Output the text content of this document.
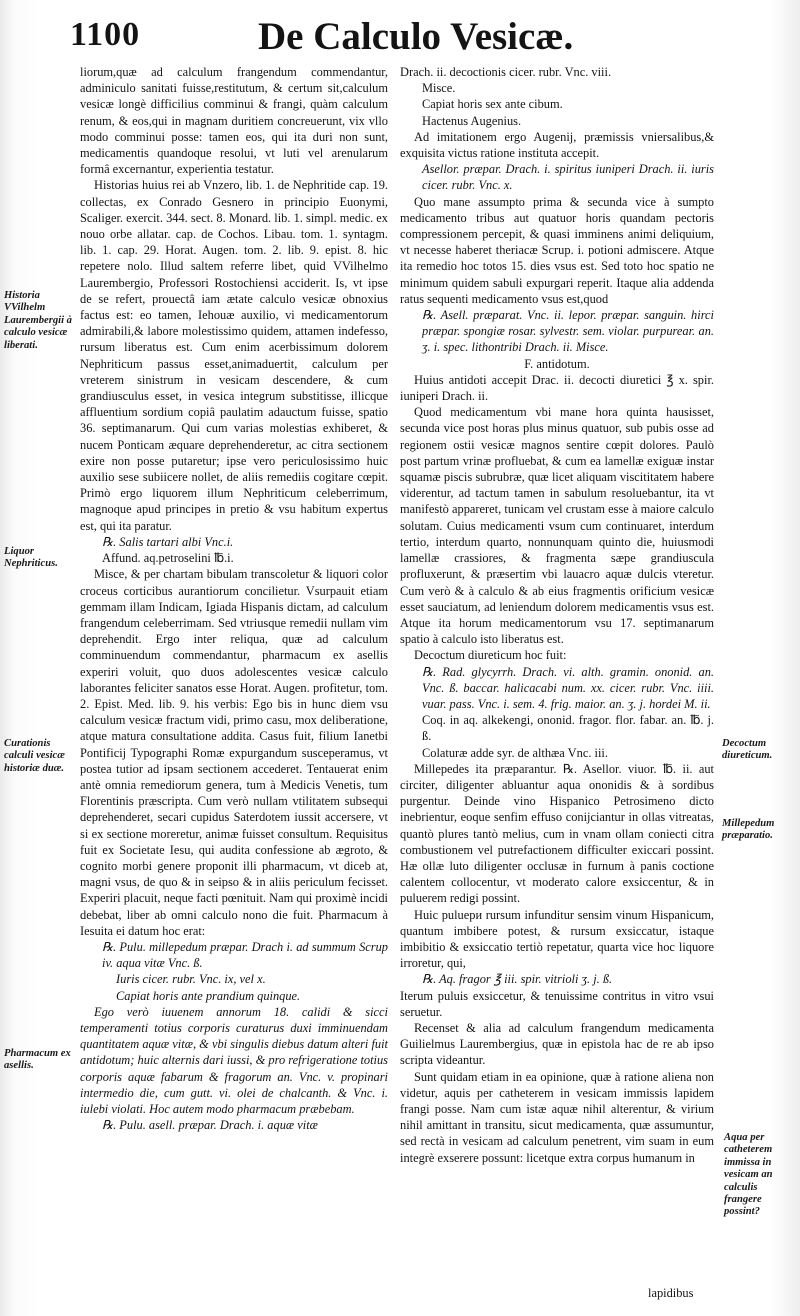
1100	De Calculo Vesicæ.

liorum,quæ ad calculum frangendum commendantur, adminiculo sanitati fuisse,restitutum, & certum sit,calculum vesicæ longè difficilius comminui & frangi, quàm calculum renum, & eos,qui in magnam duritiem concreuerunt, vix vllo modo comminui posse: tamen eos, qui ita duri non sunt, medicamentis quandoque resolui, vt luti vel arenularum formâ excernantur, experientia testatur.

Historias huius rei ab Vnzero, lib. 1. de Nephritide cap. 19. collectas, ex Conrado Gesnero in principio Euonymi, Scaliger. exercit. 344. sect. 8. Monard. lib. 1. simpl. medic. ex nouo orbe allatar. cap. de Cochos. Libau. tom. 1. syntagm. lib. 1. cap. 29. Horat. Augen. tom. 2. lib. 9. epist. 8. hic repetere nolo. Illud saltem referre libet, quid VVilhelmo Laurembergio, Professori Rostochiensi acciderit. Is, vt ipse de se refert, prouectâ iam ætate calculo vesicæ obnoxius factus est: eo tamen, Iehouæ auxilio, vi medicamentorum admirabili,& labore molestissimo quidem, attamen indefesso, rursum liberatus est. Cum enim acerbissimum dolorem Nephriticum passus esset,animaduertit, calculum per vreterem sinistrum in vesicam descendere, & cum grandiusculus esset, in vesica integrum substitisse, illicque affluentium sordium copiâ paulatim adauctum fuisse, spatio 36. septimanarum. Qui cum varias molestias exhiberet, & nucem Ponticam æquare deprehenderetur, ac citra sectionem exire non posse putaretur; ipse vero periculosissimo huic auxilio sese subiicere nollet, de aliis remediis cogitare cœpit. Primò ergo liquorem illum Nephriticum celeberrimum, magnoque apud principes in pretio & vsu habitum expertus est, qui ita paratur.

℞. Salis tartari albi Vnc.i.

Affund. aq.petroselini ℔.i.

Misce, & per chartam bibulam transcoletur & liquori color croceus corticibus aurantiorum concilietur. Vsurpauit etiam gemmam illam Indicam, Igiada Hispanis dictam, ad calculum frangendum celeberrimam. Sed vtriusque remedii nullam vim deprehendit. Ergo inter reliqua, quæ ad calculum comminuendum commendantur, pharmacum ex asellis experiri voluit, quo duos adolescentes vesicæ calculo laborantes feliciter sanatos esse Horat. Augen. profitetur, tom. 2. Epist. Med. lib. 9. his verbis: Ego bis in hunc diem vsu calculum vesicæ fractum vidi, primo casu, mox deliberatione, atque matura consultatione addita. Casus fuit, filium Ianetbi Pontificij Typographi Romæ expurgandum susceperamus, vt postea tutior ad ipsam sectionem accederet. Tentauerat enim antè omnia remediorum genera, tum à Medicis Venetis, tum Florentinis præscripta. Cum verò nullam vtilitatem subsequi deprehenderet, secari cupidus Saterdotem iussit accersere, vt si ex sectione moreretur, animæ fuisset consultum. Requisitus fuit ex Societate Iesu, qui audita confessione ab ægroto, & cognito morbi genere proponit illi pharmacum, vt diceb at, magni vsus, de quo & in seipso & in aliis periculum fecisset. Experiri placuit, neque facti pœnituit. Nam qui proximè incidi debebat, liber ab omni calculo nono die fuit. Pharmacum à Iesuita ei datum hoc erat:

℞. Pulu. millepedum præpar. Drach i. ad summum Scrup iv. aqua vitæ Vnc. ß.

Iuris cicer. rubr. Vnc. ix, vel x.

Capiat horis ante prandium quinque.

Ego verò iuuenem annorum 18. calidi & sicci temperamenti totius corporis curaturus duxi imminuendam quantitatem aquæ vitæ, & vbi singulis diebus datum alteri fuit antidotum; huic alternis dari iussi, & pro refrigeratione totius corporis aquæ fabarum & fragorum an. Vnc. v. propinari intermedio die, cum gutt. vi. olei de chalcanth. & Vnc. i. iulebi violati. Hoc autem modo pharmacum præbebam.

℞. Pulu. asell. præpar. Drach. i. aquæ vitæ

Drach. ii. decoctionis cicer. rubr. Vnc. viii.

Misce.

Capiat horis sex ante cibum.

Hactenus Augenius.

Ad imitationem ergo Augenij, præmissis vniersalibus,& exquisita victus ratione instituta accepit.

Asellor. præpar. Drach. i. spiritus iuniperi Drach. ii. iuris cicer. rubr. Vnc. x.

Quo mane assumpto prima & secunda vice à sumpto medicamento tribus aut quatuor horis quandam pectoris compressionem percepit, & quasi imminens animi deliquium, vt necesse haberet theriacæ Scrup. i. potioni admiscere. Atque ita remedio hoc totos 15. dies vsus est. Sed toto hoc spatio ne minimum quidem sabuli expurgari reperit. Itaque alia addenda ratus sequenti medicamento vsus est,quod

℞. Asell. præparat. Vnc. ii. lepor. præpar. sanguin. hirci præpar. spongiæ rosar. sylvestr. sem. violar. purpurear. an. ʒ. i. spec. lithontribi Drach. ii. Misce.

F. antidotum.

Huius antidoti accepit Drac. ii. decocti diuretici ℥ x. spir. iuniperi Drach. ii.

Quod medicamentum vbi mane hora quinta hausisset, secunda vice post horas plus minus quatuor, sub pubis osse ad regionem ostii vesicæ magnos sentire cœpit dolores. Paulò post partum vrinæ profluebat, & cum ea lamellæ exiguæ instar squamæ piscis subrubræ, quæ licet aliquam viscititatem habere viderentur, ad tactum tamen in sabulum resoluebantur, ita vt manifestò appareret, tunicam vel crustam esse à maiore calculo solutam. Cuius medicamenti vsum cum continuaret, interdum tertio, interdum quarto, nonnunquam quinto die, huiusmodi lamellæ crassiores, & fragmenta sæpe grandiuscula profluxerunt, & præsertim vbi lauacro aquæ dulcis vteretur. Cum verò & à calculo & ab eius fragmentis orificium vesicæ esset sauciatum, ad leniendum dolorem medicamentis vsus est. Atque ita horum medicamentorum vsu 17. septimanarum spatio à calculo isto liberatus est.

Decoctum diureticum hoc fuit:

℞. Rad. glycyrrh. Drach. vi. alth. gramin. ononid. an. Vnc. ß. baccar. halicacabi num. xx. cicer. rubr. Vnc. iiii. vuar. pass. Vnc. i. sem. 4. frig. maior. an. ʒ. j. hordei M. ii.

Coq. in aq. alkekengi, ononid. fragor. flor. fabar. an. ℔. j. ß.

Colaturæ adde syr. de althæa Vnc. iii.

Millepedes ita præparantur. ℞. Asellor. viuor. ℔. ii. aut circiter, diligenter abluantur aqua ononidis & à sordibus purgentur. Deinde vino Hispanico Petrosimeno dicto inebrientur, eoque senfim effuso conijciantur in ollas vitreatas, quantò plures tantò melius, cum in vnam ollam coniecti citra combustionem vel putrefactionem difficulter exiccari possint. Hæ ollæ luto diligenter occlusæ in furnum à panis coctione calentem collocentur, vt moderato calore exsiccentur, & in puluerem redigi possint.

Huic puluери rursum infunditur sensim vinum Hispanicum, quantum imbibere potest, & rursum exsiccatur, istaque imbibitio & exsiccatio tertiò repetatur, quarta vice hoc liquore irroretur, qui,

℞. Aq. fragor ℥ iii. spir. vitrioli ʒ. j. ß.

Iterum puluis exsiccetur, & tenuissime contritus in vitro vsui seruetur.

Recenset & alia ad calculum frangendum medicamenta Guilielmus Laurembergius, quæ in epistola hac de re ab ipso scripta videantur.

Sunt quidam etiam in ea opinione, quæ à ratione aliena non videtur, aquis per catheterem in vesicam immissis lapidem frangi posse. Nam cum istæ aquæ nihil alterentur, & virium nihil amittant in transitu, sicut medicamenta, quæ assumuntur, sed rectà in vesicam ad calculum penetrent, vim suam in eum integrè exserere possunt: licetque extra corpus humanum in

lapidibus
Historia VVilhelm Laurembergii à calculo vesicæ liberati.
Liquor Nephriticus.
Curationis calculi vesicæ historiæ duæ.
Pharmacum ex asellis.
Decoctum diureticum.
Millepedum præparatio.
Aqua per catheterem immissa in vesicam an calculis frangere possint?
